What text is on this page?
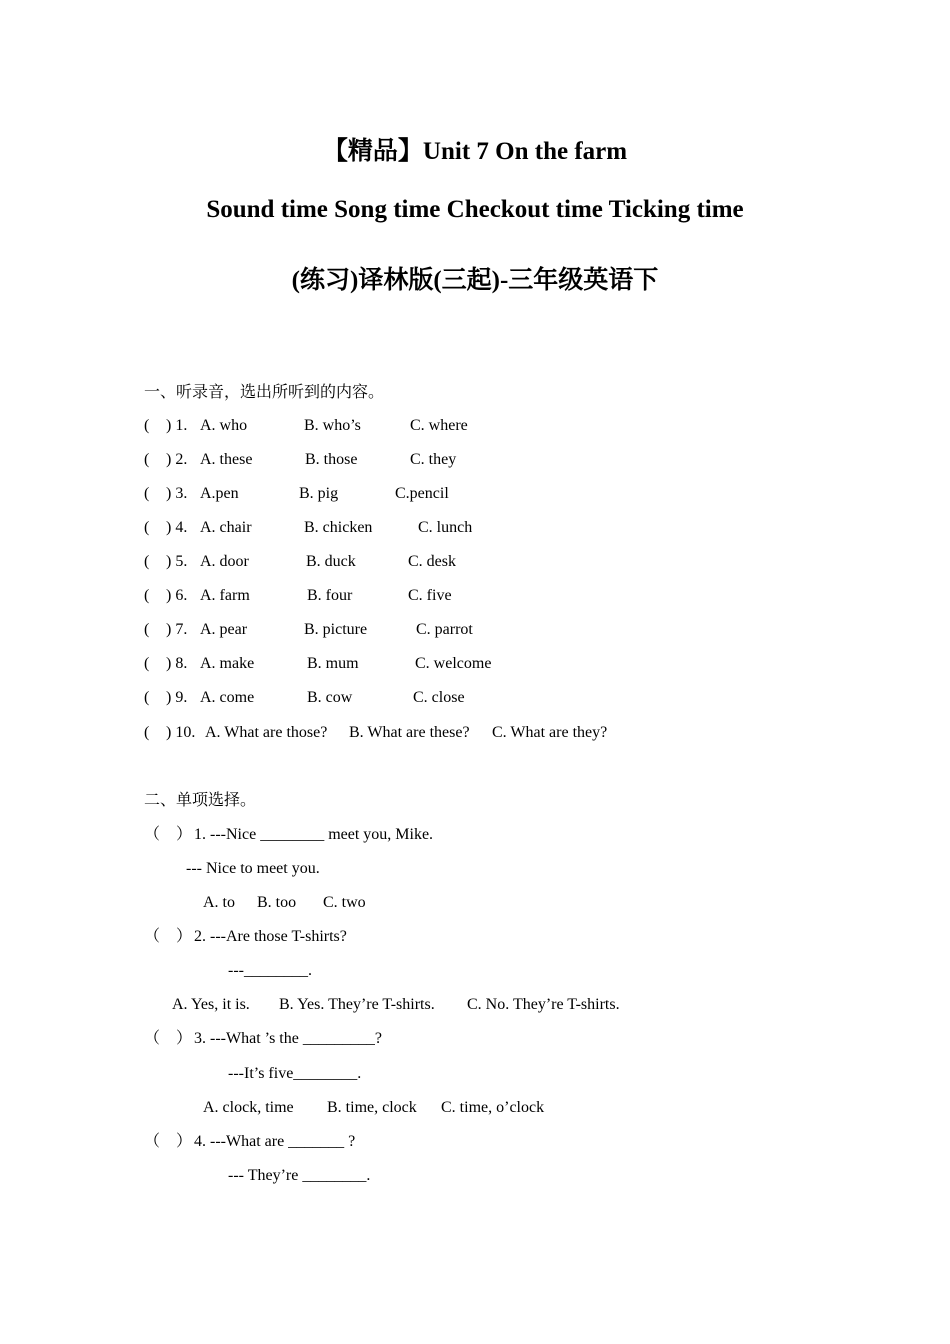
【精品】Unit 7 On the farm
Sound time Song time Checkout time Ticking time
(练习)译林版(三起)-三年级英语下
一、听录音，选出所听到的内容。
( ) 1. A. who	B. who’s	C. where
( ) 2. A. these	B. those	C. they
( ) 3. A.pen	B. pig	C.pencil
( ) 4. A. chair	B. chicken	C. lunch
( ) 5. A. door	B. duck	C. desk
( ) 6. A. farm	B. four	C. five
( ) 7. A. pear	B. picture	C. parrot
( ) 8. A. make	B. mum	C. welcome
( ) 9. A. come	B. cow	C. close
( ) 10. A. What are those? B. What are these? C. What are they?
二、单项选择。
（　） 1. ---Nice ________ meet you, Mike.
--- Nice to meet you.
A. to B. too C. two
（　） 2. ---Are those T-shirts?
---________.
A. Yes, it is. B. Yes. They’re T-shirts. C. No. They’re T-shirts.
（　） 3. ---What ’s the _________?
---It’s five________.
A. clock, time B. time, clock C. time, o’clock
（　） 4. ---What are _______ ?
--- They’re ________.
